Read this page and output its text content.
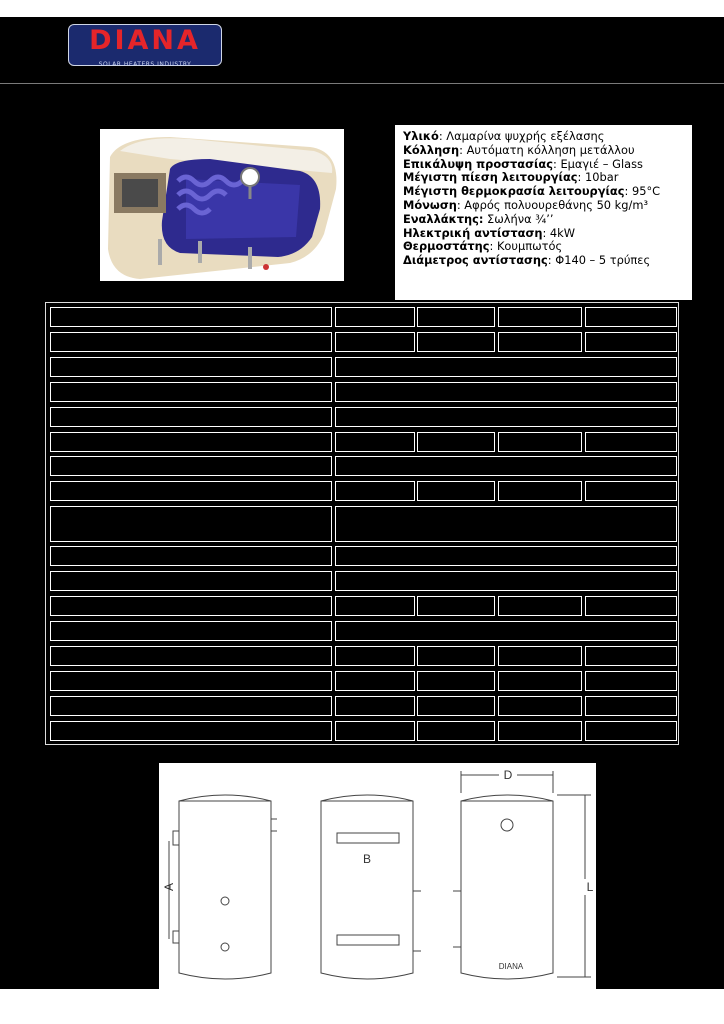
DIANA
SOLAR HEATERS INDUSTRY
Υλικό: Λαμαρίνα ψυχρής εξέλασης
Κόλληση: Αυτόματη κόλληση μετάλλου
Επικάλυψη προστασίας: Εμαγιέ – Glass
Μέγιστη πίεση λειτουργίας: 10bar
Μέγιστη θερμοκρασία λειτουργίας: 95°C
Μόνωση: Αφρός πολυουρεθάνης 50 kg/m³
Εναλλάκτης: Σωλήνα ¾’’
Ηλεκτρική αντίσταση: 4kW
Θερμοστάτης: Κουμπωτός
Διάμετρος αντίστασης: Φ140 – 5 τρύπες
A
B
D
L
DIANA
